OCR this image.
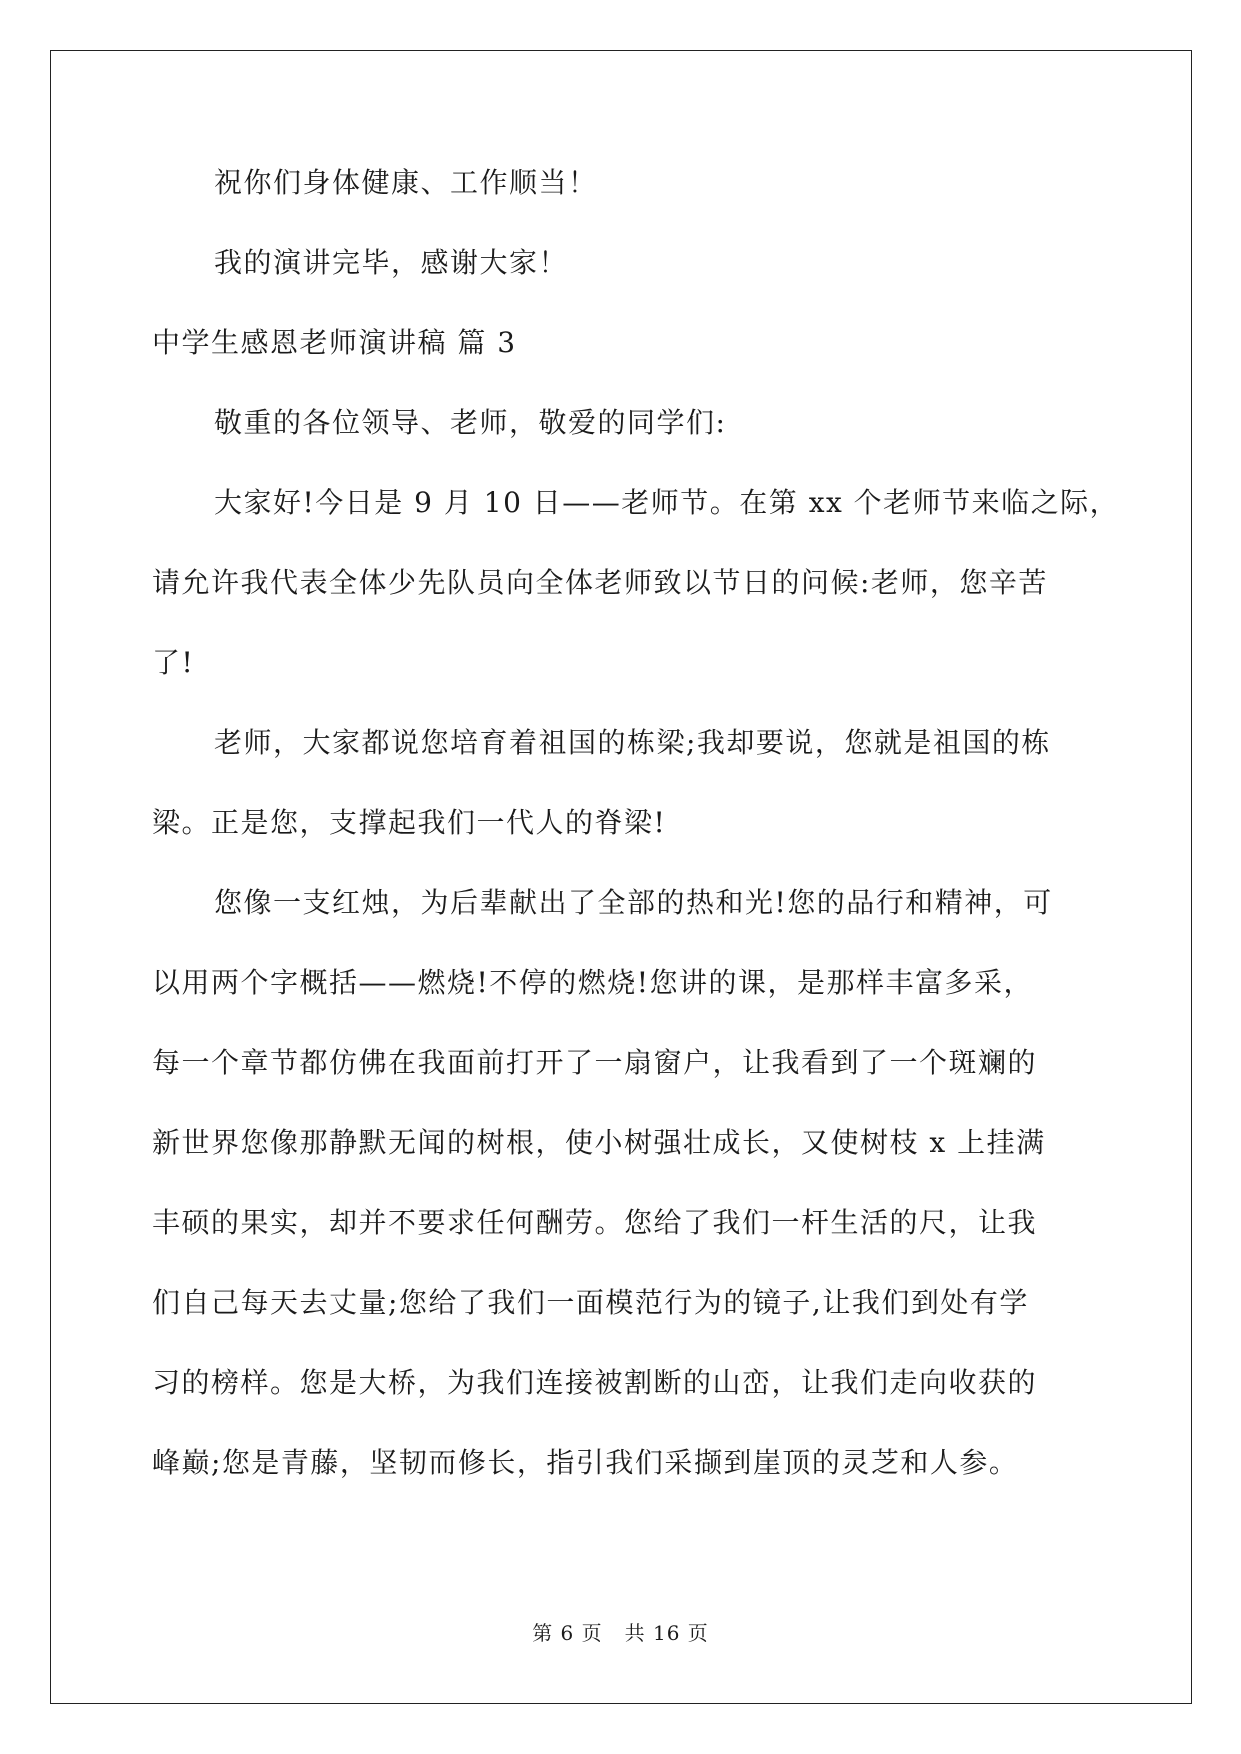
祝你们身体健康、工作顺当！

我的演讲完毕，感谢大家！

中学生感恩老师演讲稿 篇 3

敬重的各位领导、老师，敬爱的同学们:

大家好!今日是 9 月 10 日——老师节。在第 xx 个老师节来临之际，

请允许我代表全体少先队员向全体老师致以节日的问候:老师，您辛苦

了!

老师，大家都说您培育着祖国的栋梁;我却要说，您就是祖国的栋

梁。正是您，支撑起我们一代人的脊梁!

您像一支红烛，为后辈献出了全部的热和光!您的品行和精神，可

以用两个字概括——燃烧!不停的燃烧!您讲的课，是那样丰富多采，

每一个章节都仿佛在我面前打开了一扇窗户，让我看到了一个斑斓的

新世界您像那静默无闻的树根，使小树强壮成长，又使树枝 x 上挂满

丰硕的果实，却并不要求任何酬劳。您给了我们一杆生活的尺，让我

们自己每天去丈量;您给了我们一面模范行为的镜子,让我们到处有学

习的榜样。您是大桥，为我们连接被割断的山峦，让我们走向收获的

峰巅;您是青藤，坚韧而修长，指引我们采撷到崖顶的灵芝和人参。

第 6 页 共 16 页
